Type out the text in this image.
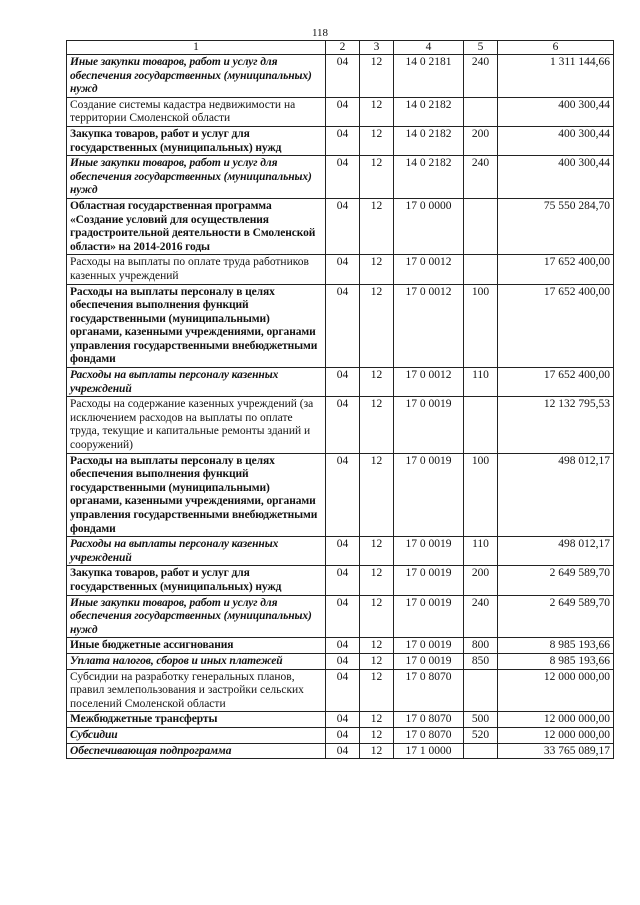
118
1	2	3	4	5	6
Иные закупки товаров, работ и услуг для обеспечения государственных (муниципальных) нужд	04	12	14 0 2181	240	1 311 144,66
Создание системы кадастра недвижимости на территории Смоленской области	04	12	14 0 2182		400 300,44
Закупка товаров, работ и услуг для государственных (муниципальных) нужд	04	12	14 0 2182	200	400 300,44
Иные закупки товаров, работ и услуг для обеспечения государственных (муниципальных) нужд	04	12	14 0 2182	240	400 300,44
Областная государственная программа «Создание условий для осуществления градостроительной деятельности в Смоленской области» на 2014-2016 годы	04	12	17 0 0000		75 550 284,70
Расходы на выплаты по оплате труда работников казенных учреждений	04	12	17 0 0012		17 652 400,00
Расходы на выплаты персоналу в целях обеспечения выполнения функций государственными (муниципальными) органами, казенными учреждениями, органами управления государственными внебюджетными фондами	04	12	17 0 0012	100	17 652 400,00
Расходы на выплаты персоналу казенных учреждений	04	12	17 0 0012	110	17 652 400,00
Расходы на содержание казенных учреждений (за исключением расходов на выплаты по оплате труда, текущие и капитальные ремонты зданий и сооружений)	04	12	17 0 0019		12 132 795,53
Расходы на выплаты персоналу в целях обеспечения выполнения функций государственными (муниципальными) органами, казенными учреждениями, органами управления государственными внебюджетными фондами	04	12	17 0 0019	100	498 012,17
Расходы на выплаты персоналу казенных учреждений	04	12	17 0 0019	110	498 012,17
Закупка товаров, работ и услуг для государственных (муниципальных) нужд	04	12	17 0 0019	200	2 649 589,70
Иные закупки товаров, работ и услуг для обеспечения государственных (муниципальных) нужд	04	12	17 0 0019	240	2 649 589,70
Иные бюджетные ассигнования	04	12	17 0 0019	800	8 985 193,66
Уплата налогов, сборов и иных платежей	04	12	17 0 0019	850	8 985 193,66
Субсидии на разработку генеральных планов, правил землепользования и застройки сельских поселений Смоленской области	04	12	17 0 8070		12 000 000,00
Межбюджетные трансферты	04	12	17 0 8070	500	12 000 000,00
Субсидии	04	12	17 0 8070	520	12 000 000,00
Обеспечивающая подпрограмма	04	12	17 1 0000		33 765 089,17
